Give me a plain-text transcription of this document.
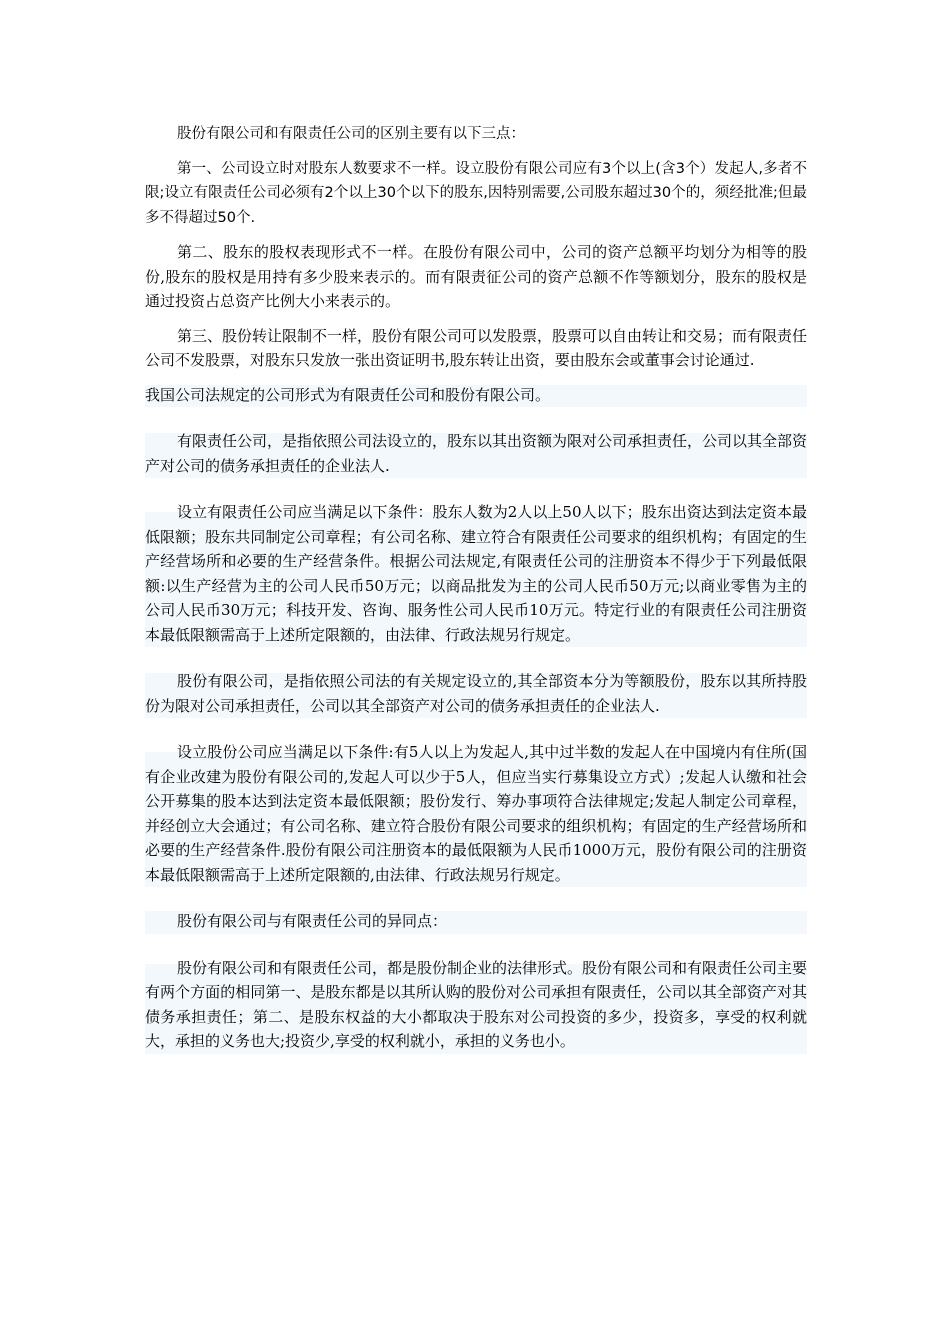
股份有限公司和有限责任公司的区别主要有以下三点：

第一、公司设立时对股东人数要求不一样。设立股份有限公司应有3个以上(含3个）发起人,多者不限;设立有限责任公司必须有2个以上30个以下的股东,因特别需要,公司股东超过30个的，须经批准;但最多不得超过50个.

第二、股东的股权表现形式不一样。在股份有限公司中，公司的资产总额平均划分为相等的股份,股东的股权是用持有多少股来表示的。而有限责征公司的资产总额不作等额划分，股东的股权是通过投资占总资产比例大小来表示的。

第三、股份转让限制不一样，股份有限公司可以发股票，股票可以自由转让和交易；而有限责任公司不发股票，对股东只发放一张出资证明书,股东转让出资，要由股东会或董事会讨论通过.

我国公司法规定的公司形式为有限责任公司和股份有限公司。

有限责任公司，是指依照公司法设立的，股东以其出资额为限对公司承担责任，公司以其全部资产对公司的债务承担责任的企业法人.

设立有限责任公司应当满足以下条件：股东人数为2人以上50人以下；股东出资达到法定资本最低限额；股东共同制定公司章程；有公司名称、建立符合有限责任公司要求的组织机构；有固定的生产经营场所和必要的生产经营条件。根据公司法规定,有限责任公司的注册资本不得少于下列最低限额:以生产经营为主的公司人民币50万元；以商品批发为主的公司人民币50万元;以商业零售为主的公司人民币30万元；科技开发、咨询、服务性公司人民币10万元。特定行业的有限责任公司注册资本最低限额需高于上述所定限额的，由法律、行政法规另行规定。

股份有限公司，是指依照公司法的有关规定设立的,其全部资本分为等额股份，股东以其所持股份为限对公司承担责任，公司以其全部资产对公司的债务承担责任的企业法人.

设立股份公司应当满足以下条件:有5人以上为发起人,其中过半数的发起人在中国境内有住所(国有企业改建为股份有限公司的,发起人可以少于5人，但应当实行募集设立方式）;发起人认缴和社会公开募集的股本达到法定资本最低限额；股份发行、筹办事项符合法律规定;发起人制定公司章程，并经创立大会通过；有公司名称、建立符合股份有限公司要求的组织机构；有固定的生产经营场所和必要的生产经营条件.股份有限公司注册资本的最低限额为人民币1000万元，股份有限公司的注册资本最低限额需高于上述所定限额的,由法律、行政法规另行规定。

股份有限公司与有限责任公司的异同点：

股份有限公司和有限责任公司，都是股份制企业的法律形式。股份有限公司和有限责任公司主要有两个方面的相同第一、是股东都是以其所认购的股份对公司承担有限责任，公司以其全部资产对其债务承担责任；第二、是股东权益的大小都取决于股东对公司投资的多少，投资多，享受的权利就大，承担的义务也大;投资少,享受的权利就小，承担的义务也小。
